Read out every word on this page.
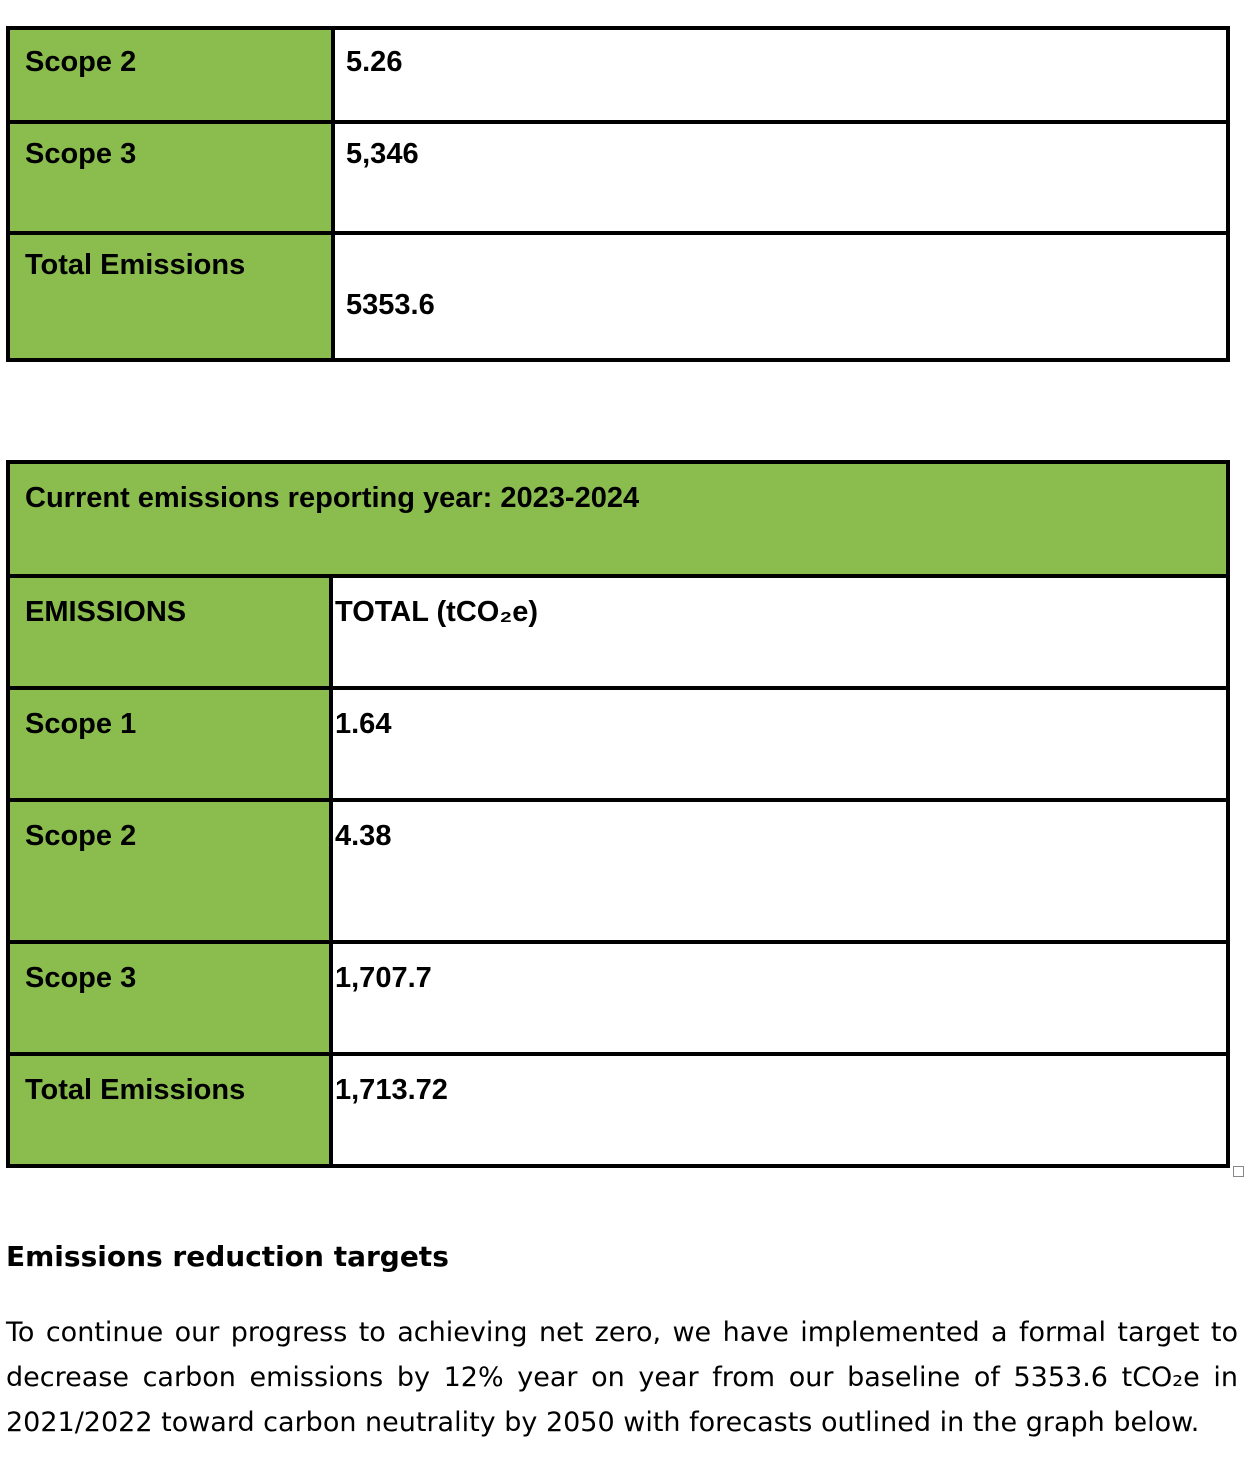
Scope 2	5.26

Scope 3	5,346

Total Emissions	5353.6
Current emissions reporting year: 2023-2024	

EMISSIONS	TOTAL (tCO₂e)

Scope 1	1.64

Scope 2	4.38

Scope 3	1,707.7

Total Emissions	1,713.72
Emissions reduction targets
To continue our progress to achieving net zero, we have implemented a formal target to decrease carbon emissions by 12% year on year from our baseline of 5353.6 tCO₂e in 2021/2022 toward carbon neutrality by 2050 with forecasts outlined in the graph below.
